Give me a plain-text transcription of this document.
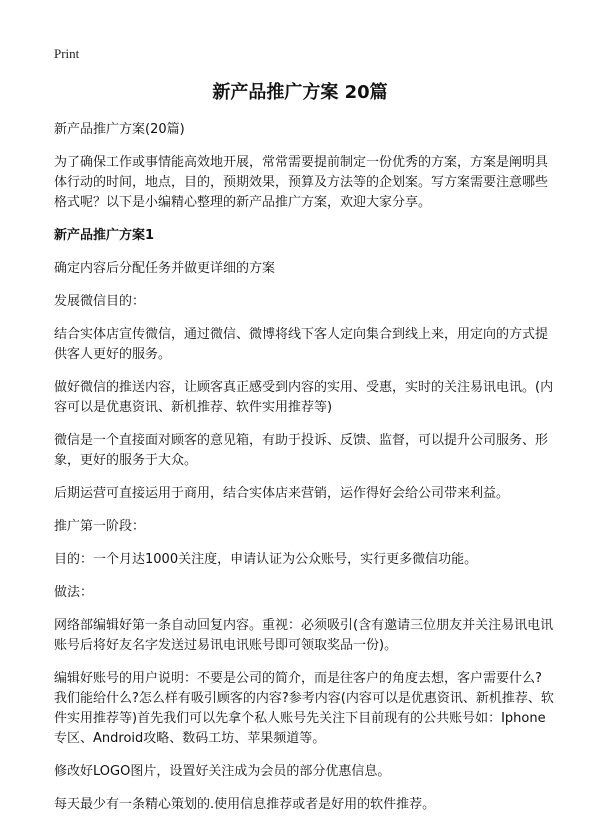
Print
新产品推广方案 20篇

新产品推广方案(20篇)

为了确保工作或事情能高效地开展，常常需要提前制定一份优秀的方案，方案是阐明具体行动的时间，地点，目的，预期效果，预算及方法等的企划案。写方案需要注意哪些格式呢？以下是小编精心整理的新产品推广方案，欢迎大家分享。

新产品推广方案1

确定内容后分配任务并做更详细的方案

发展微信目的：

结合实体店宣传微信，通过微信、微博将线下客人定向集合到线上来，用定向的方式提供客人更好的服务。

做好微信的推送内容，让顾客真正感受到内容的实用、受惠，实时的关注易讯电讯。(内容可以是优惠资讯、新机推荐、软件实用推荐等)

微信是一个直接面对顾客的意见箱，有助于投诉、反馈、监督，可以提升公司服务、形象，更好的服务于大众。

后期运营可直接运用于商用，结合实体店来营销，运作得好会给公司带来利益。

推广第一阶段：

目的：一个月达1000关注度，申请认证为公众账号，实行更多微信功能。

做法：

网络部编辑好第一条自动回复内容。重视：必须吸引(含有邀请三位朋友并关注易讯电讯账号后将好友名字发送过易讯电讯账号即可领取奖品一份)。

编辑好账号的用户说明：不要是公司的简介，而是往客户的角度去想，客户需要什么?我们能给什么?怎么样有吸引顾客的内容?参考内容(内容可以是优惠资讯、新机推荐、软件实用推荐等)首先我们可以先拿个私人账号先关注下目前现有的公共账号如：Iphone专区、Android攻略、数码工坊、苹果频道等。

修改好LOGO图片，设置好关注成为会员的部分优惠信息。

每天最少有一条精心策划的.使用信息推荐或者是好用的软件推荐。
